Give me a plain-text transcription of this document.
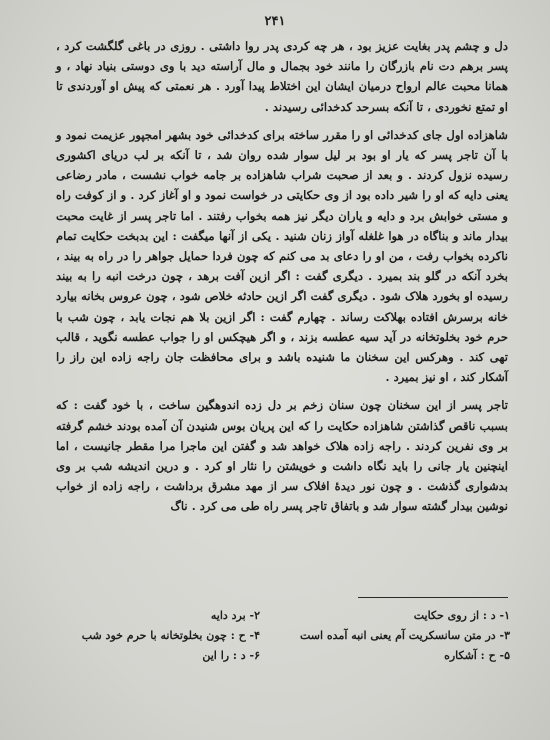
۲۴۱

دل و چشم پدر بغایت عزیز بود ، هر چه کردی پدر روا داشتی . روزی در باغی گلگشت کرد ، پسر برهم دت نام بازرگان را مانند خود بجمال و مال آراسته دید با وی دوستی بنیاد نهاد ، و همانا محبت عالم ارواح درمیان ایشان این اختلاط پیدا آورد . هر نعمتی که پیش او آوردندی تا او تمتع نخوردی ، تا آنکه بسرحد کدخدائی رسیدند .

شاهزاده اول جای کدخدائی او را مقرر ساخته برای کدخدائی خود بشهر امجپور عزیمت نمود و با آن تاجر پسر که یار او بود بر لیل سوار شده روان شد ، تا آنکه بر لب دریای اکشوری رسیده نزول کردند . و بعد از صحبت شراب شاهزاده بر جامه خواب نشست ، مادر رضاعی یعنی دایه که او را شیر داده بود از وی حکایتی در خواست نمود و او آغاز کرد . و از کوفت راه و مستی خوابش برد و دایه و یاران دیگر نیز همه بخواب رفتند . اما تاجر پسر از غایت محبت بیدار ماند و بناگاه در هوا غلغله آواز زنان شنید . یکی از آنها میگفت : این بدبخت حکایت تمام ناکرده بخواب رفت ، من او را دعای بد می کنم که چون فردا حمایل جواهر را در راه به بیند ، بخرد آنکه در گلو بند بمیرد . دیگری گفت : اگر ازین آفت برهد ، چون درخت انبه را به بیند رسیده او بخورد هلاک شود . دیگری گفت اگر ازین حادثه خلاص شود ، چون عروس بخانه بیارد خانه برسرش افتاده بهلاکت رساند . چهارم گفت : اگر ازین بلا هم نجات یابد ، چون شب با حرم خود بخلوتخانه در آید سیه عطسه بزند ، و اگر هیچکس او را جواب عطسه نگوید ، قالب تهی کند . وهرکس این سخنان ما شنیده باشد و برای محافظت جان راجه زاده این راز را آشکار کند ، او نیز بمیرد .

تاجر پسر از این سخنان چون سنان زخم بر دل زده اندوهگین ساخت ، با خود گفت : که بسبب ناقص گذاشتن شاهزاده حکایت را که این پریان بوس شنیدن آن آمده بودند خشم گرفته بر وی نفرین کردند . راجه زاده هلاک خواهد شد و گفتن این ماجرا مرا مقطر جانیست ، اما اینچنین یار جانی را باید نگاه داشت و خویشتن را نثار او کرد . و درین اندیشه شب بر وی بدشواری گذشت . و چون نور دیدهٔ افلاک سر از مهد مشرق برداشت ، راجه زاده از خواب نوشین بیدار گشته سوار شد و باتفاق تاجر پسر راه طی می کرد . ناگ

۱- د : از روی حکایت
۳- در متن سانسکریت آم یعنی انبه آمده است
۵- ح : آشکاره
۲- برد دایه
۴- ح : چون بخلوتخانه با حرم خود شب
۶- د : را این
